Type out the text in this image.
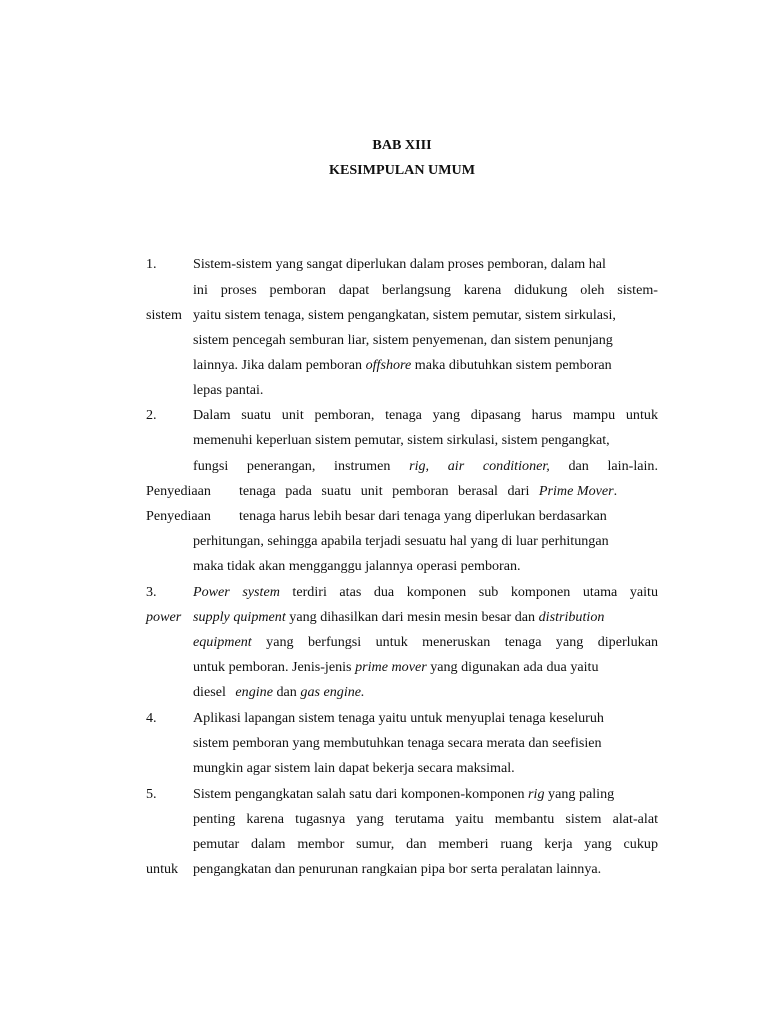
BAB XIII
KESIMPULAN UMUM
1.	Sistem-sistem yang sangat diperlukan dalam proses pemboran, dalam hal
ini proses pemboran dapat berlangsung karena didukung oleh sistem-
sistem yaitu sistem tenaga, sistem pengangkatan, sistem pemutar, sistem sirkulasi,
sistem pencegah semburan liar, sistem penyemenan, dan sistem penunjang
lainnya. Jika dalam pemboran offshore maka dibutuhkan sistem pemboran
lepas pantai.
2.	Dalam suatu unit pemboran, tenaga yang dipasang harus mampu untuk
memenuhi keperluan sistem pemutar, sistem sirkulasi, sistem pengangkat,
fungsi penerangan, instrumen rig, air conditioner, dan lain-lain.
Penyediaan tenaga pada suatu unit pemboran berasal dari Prime Mover.
Penyediaan tenaga harus lebih besar dari tenaga yang diperlukan berdasarkan
perhitungan, sehingga apabila terjadi sesuatu hal yang di luar perhitungan
maka tidak akan mengganggu jalannya operasi pemboran.
3.	Power system terdiri atas dua komponen sub komponen utama yaitu
power supply quipment yang dihasilkan dari mesin mesin besar dan distribution
equipment yang berfungsi untuk meneruskan tenaga yang diperlukan
untuk pemboran. Jenis-jenis prime mover yang digunakan ada dua yaitu
diesel engine dan gas engine.
4.	Aplikasi lapangan sistem tenaga yaitu untuk menyuplai tenaga keseluruh
sistem pemboran yang membutuhkan tenaga secara merata dan seefisien
mungkin agar sistem lain dapat bekerja secara maksimal.
5.	Sistem pengangkatan salah satu dari komponen-komponen rig yang paling
penting karena tugasnya yang terutama yaitu membantu sistem alat-alat
pemutar dalam membor sumur, dan memberi ruang kerja yang cukup
untuk pengangkatan dan penurunan rangkaian pipa bor serta peralatan lainnya.
